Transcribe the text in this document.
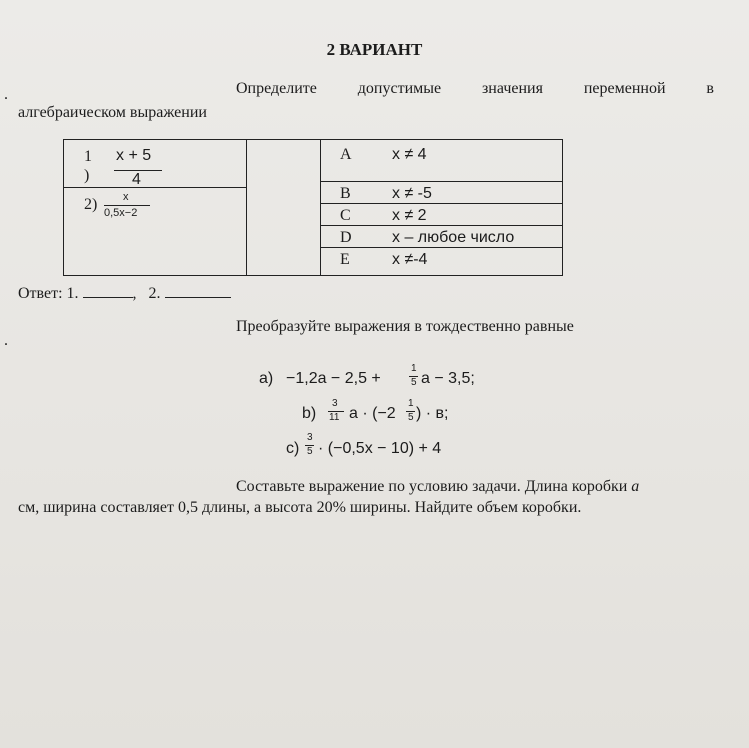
2 ВАРИАНТ
.	Определите	допустимые	значения	переменной	в
алгебраическом выражении
1
)
x + 5
4
2) x
0,5x−2
A	x ≠ 4
B	x ≠ -5
C	x ≠ 2
D	x – любое число
E	x ≠-4
Ответ: 1.	, 2.
.
Преобразуйте выражения в тождественно равные
a) −1,2a − 2,5 +
1
5 a − 3,5;
b)
3
11 a · (−2
1
5 ) · в;
c)
3
5 · (−0,5x − 10) + 4
Составьте выражение по условию задачи. Длина коробки a
см, ширина составляет 0,5 длины, а высота 20% ширины. Найдите объем коробки.
